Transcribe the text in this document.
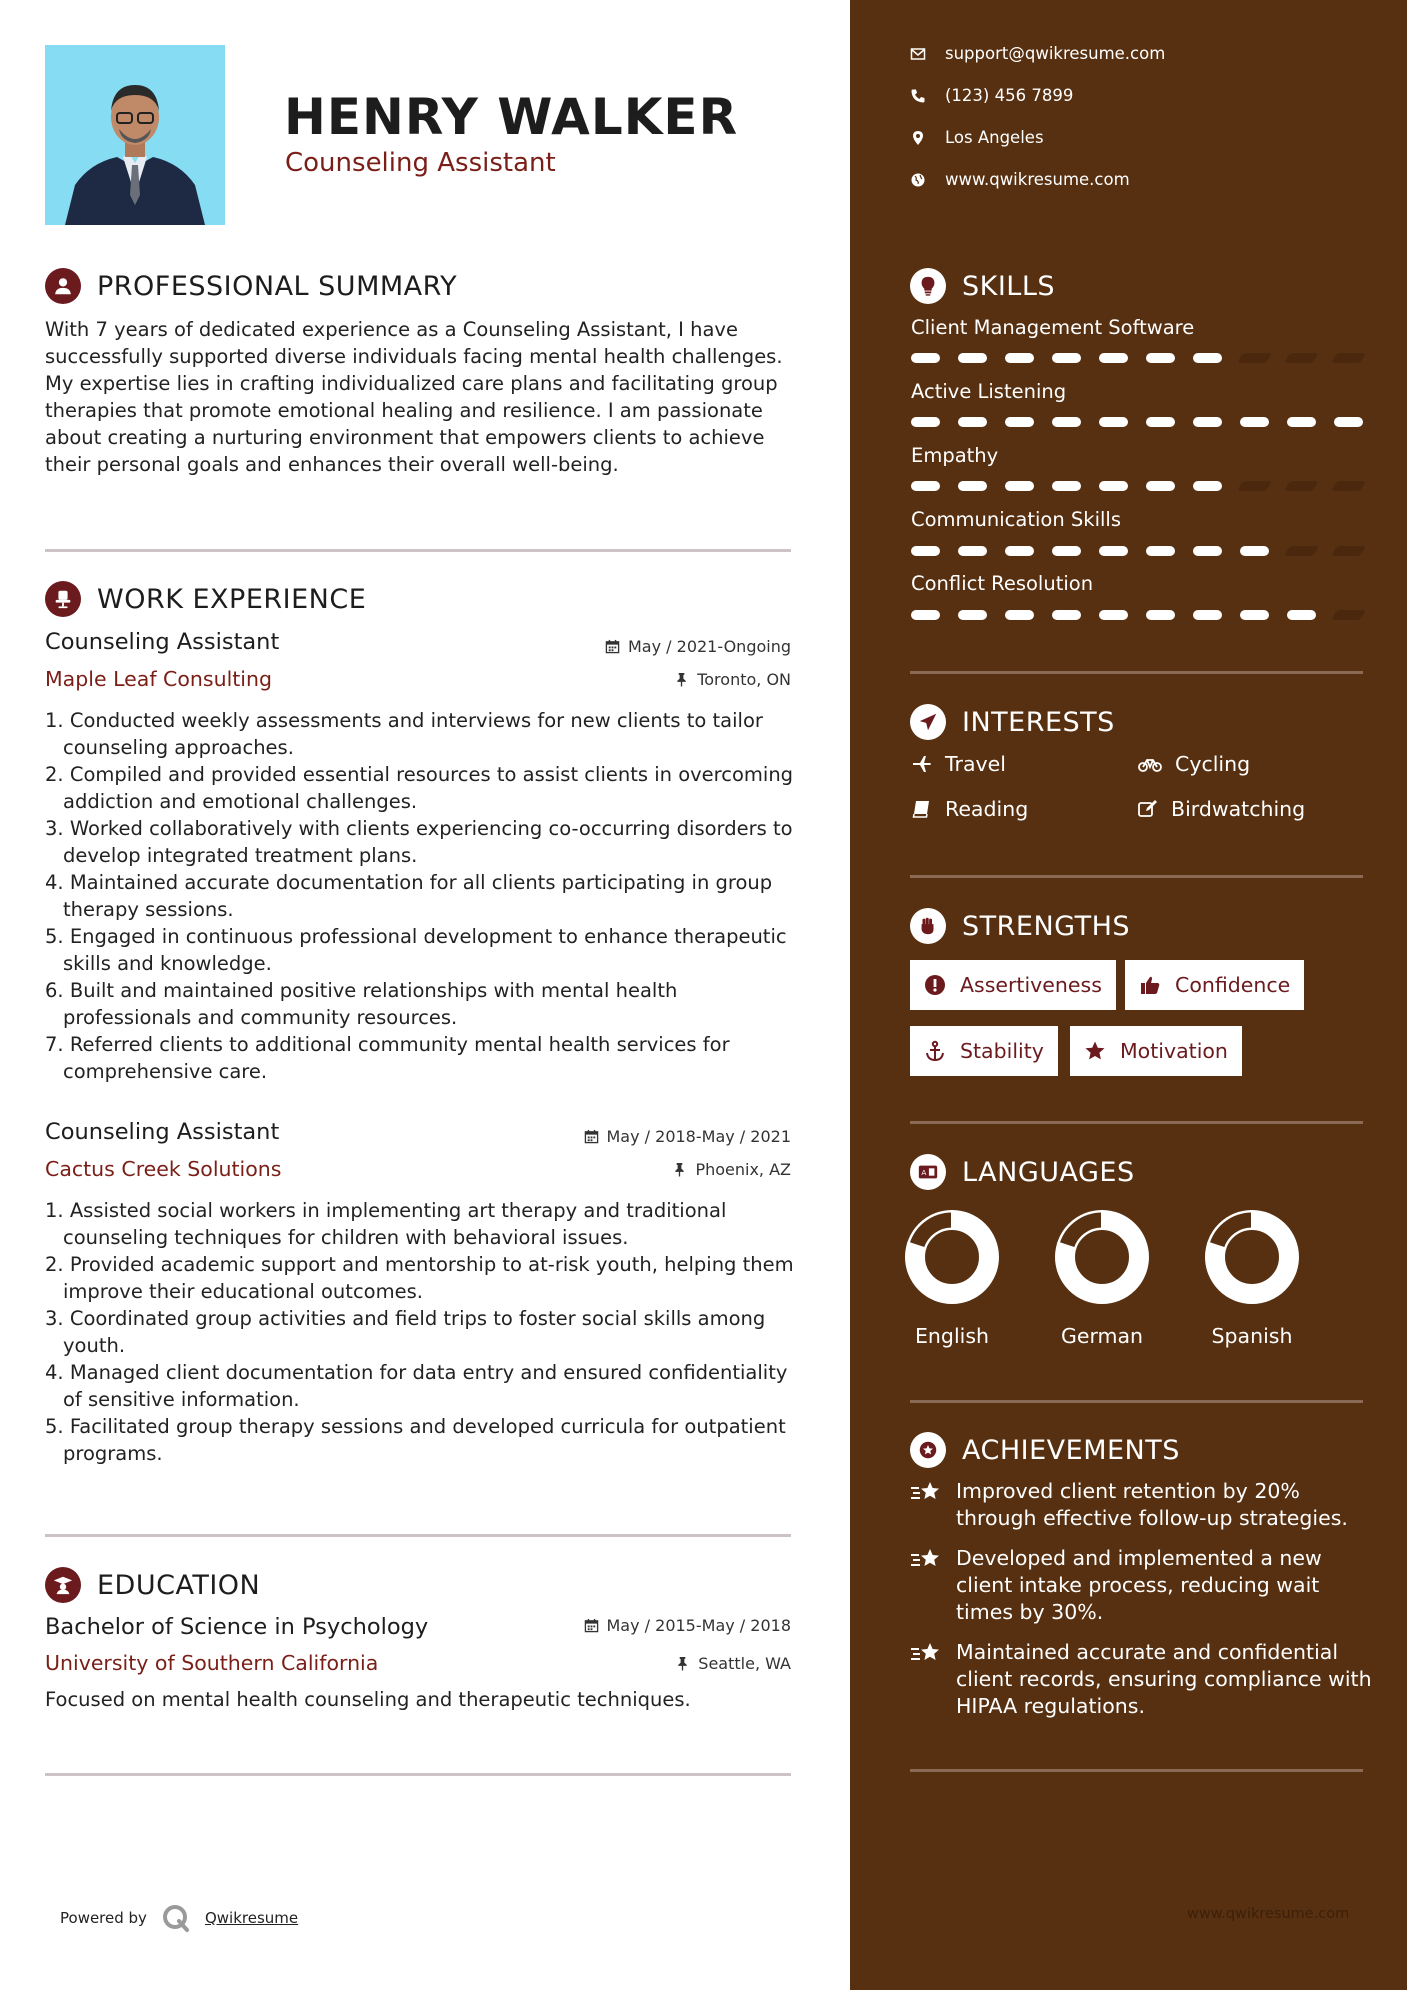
HENRY WALKER
Counseling Assistant
PROFESSIONAL SUMMARY
With 7 years of dedicated experience as a Counseling Assistant, I have successfully supported diverse individuals facing mental health challenges. My expertise lies in crafting individualized care plans and facilitating group therapies that promote emotional healing and resilience. I am passionate about creating a nurturing environment that empowers clients to achieve their personal goals and enhances their overall well-being.
WORK EXPERIENCE
Counseling Assistant	May / 2021-Ongoing
Maple Leaf Consulting	Toronto, ON
Conducted weekly assessments and interviews for new clients to tailor counseling approaches.
Compiled and provided essential resources to assist clients in overcoming addiction and emotional challenges.
Worked collaboratively with clients experiencing co-occurring disorders to develop integrated treatment plans.
Maintained accurate documentation for all clients participating in group therapy sessions.
Engaged in continuous professional development to enhance therapeutic skills and knowledge.
Built and maintained positive relationships with mental health professionals and community resources.
Referred clients to additional community mental health services for comprehensive care.
Counseling Assistant	May / 2018-May / 2021
Cactus Creek Solutions	Phoenix, AZ
Assisted social workers in implementing art therapy and traditional counseling techniques for children with behavioral issues.
Provided academic support and mentorship to at-risk youth, helping them improve their educational outcomes.
Coordinated group activities and field trips to foster social skills among youth.
Managed client documentation for data entry and ensured confidentiality of sensitive information.
Facilitated group therapy sessions and developed curricula for outpatient programs.
EDUCATION
Bachelor of Science in Psychology	May / 2015-May / 2018
University of Southern California	Seattle, WA
Focused on mental health counseling and therapeutic techniques.
Powered by	Qwikresume
support@qwikresume.com
(123) 456 7899
Los Angeles
www.qwikresume.com
SKILLS
Client Management Software
Active Listening
Empathy
Communication Skills
Conflict Resolution
INTERESTS
Travel	Cycling
Reading	Birdwatching
STRENGTHS
Assertiveness	Confidence
Stability	Motivation
A LANGUAGES
English	German	Spanish
ACHIEVEMENTS
Improved client retention by 20% through effective follow-up strategies.
Developed and implemented a new client intake process, reducing wait times by 30%.
Maintained accurate and confidential client records, ensuring compliance with HIPAA regulations.
www.qwikresume.com
